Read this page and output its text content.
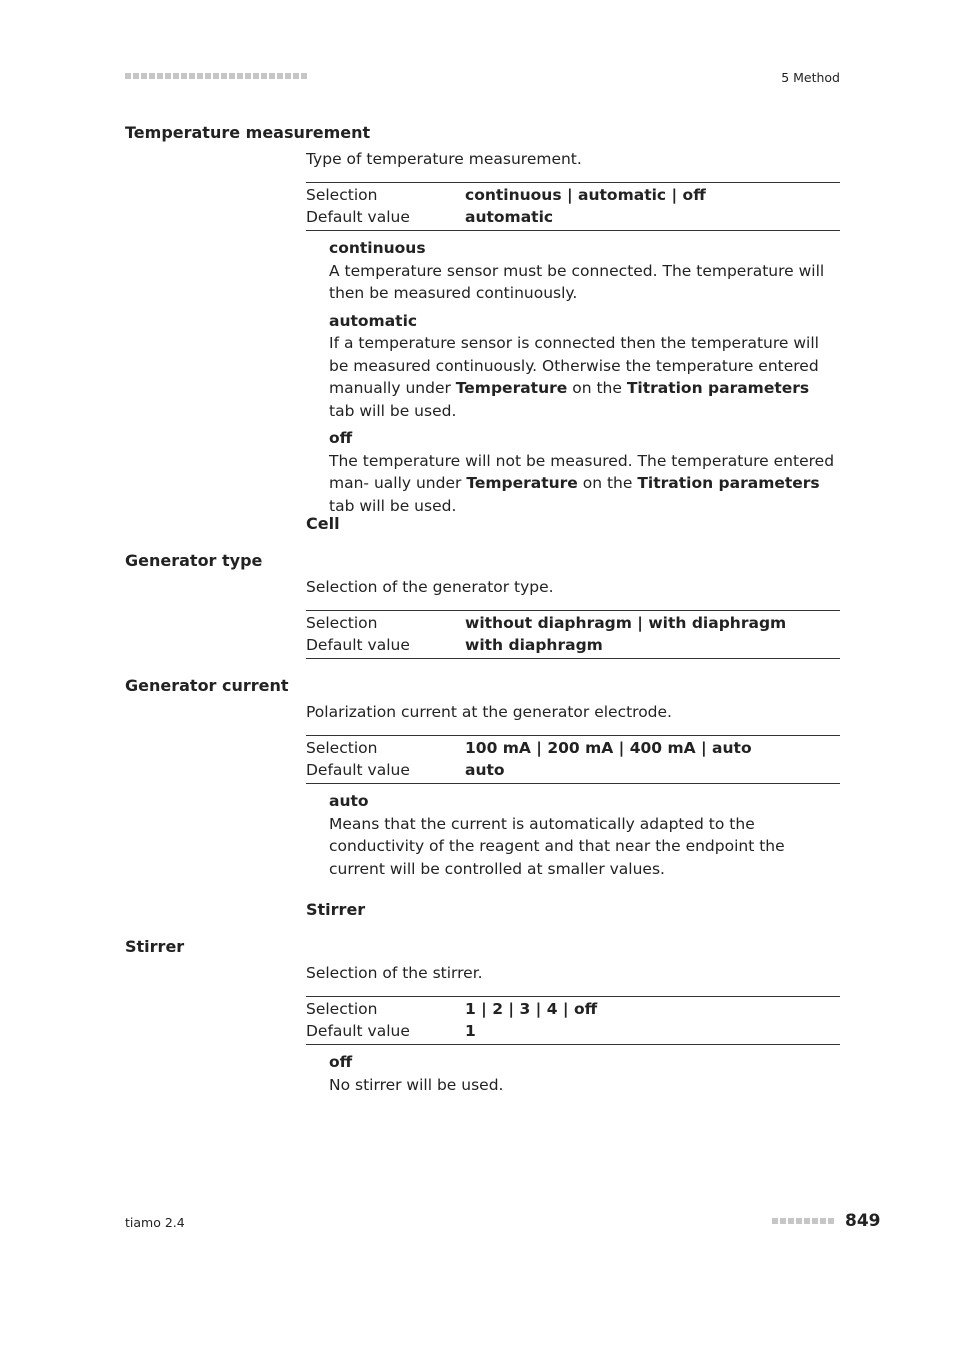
5 Method
Temperature measurement
Type of temperature measurement.
Selection	continuous | automatic | off
Default value	automatic
continuous

A temperature sensor must be connected. The temperature will then be measured continuously.

automatic

If a temperature sensor is connected then the temperature will be measured continuously. Otherwise the temperature entered manually under Temperature on the Titration parameters tab will be used.

off

The temperature will not be measured. The temperature entered man- ually under Temperature on the Titration parameters tab will be used.

Cell
Generator type
Selection of the generator type.
Selection	without diaphragm | with diaphragm
Default value	with diaphragm
Generator current
Polarization current at the generator electrode.
Selection	100 mA | 200 mA | 400 mA | auto
Default value	auto
auto

Means that the current is automatically adapted to the conductivity of the reagent and that near the endpoint the current will be controlled at smaller values.

Stirrer
Stirrer
Selection of the stirrer.
Selection	1 | 2 | 3 | 4 | off
Default value	1
off

No stirrer will be used.

tiamo 2.4	849
